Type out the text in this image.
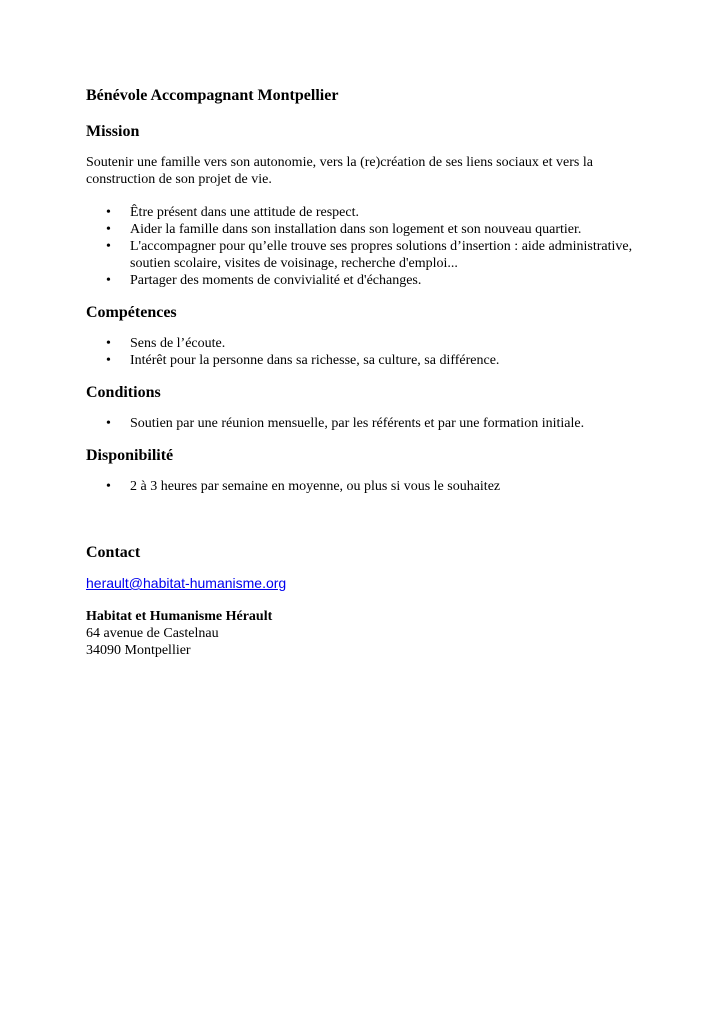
Bénévole Accompagnant Montpellier
Mission

Soutenir une famille vers son autonomie, vers la (re)création de ses liens sociaux et vers la construction de son projet de vie.

• Être présent dans une attitude de respect.
• Aider la famille dans son installation dans son logement et son nouveau quartier.
• L'accompagner pour qu’elle trouve ses propres solutions d’insertion : aide administrative, soutien scolaire, visites de voisinage, recherche d'emploi...
• Partager des moments de convivialité et d'échanges.
Compétences
• Sens de l’écoute.
• Intérêt pour la personne dans sa richesse, sa culture, sa différence.
Conditions
• Soutien par une réunion mensuelle, par les référents et par une formation initiale.
Disponibilité
• 2 à 3 heures par semaine en moyenne, ou plus si vous le souhaitez
Contact
herault@habitat-humanisme.org

Habitat et Humanisme Hérault

64 avenue de Castelnau

34090 Montpellier
